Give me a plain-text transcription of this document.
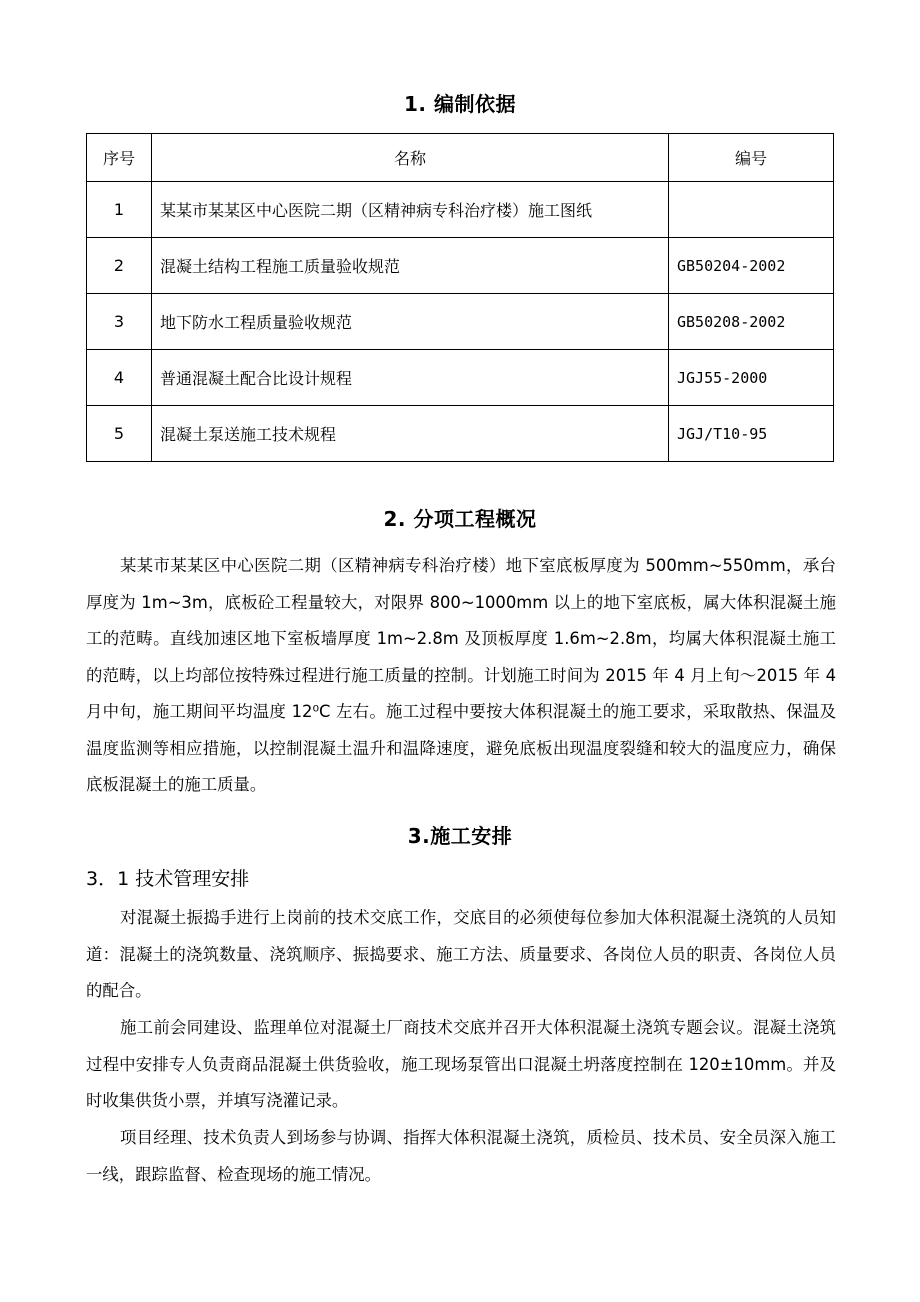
1. 编制依据
序号	名称	编号
1	某某市某某区中心医院二期（区精神病专科治疗楼）施工图纸	
2	混凝土结构工程施工质量验收规范	GB50204-2002
3	地下防水工程质量验收规范	GB50208-2002
4	普通混凝土配合比设计规程	JGJ55-2000
5	混凝土泵送施工技术规程	JGJ/T10-95
2. 分项工程概况

某某市某某区中心医院二期（区精神病专科治疗楼）地下室底板厚度为 500mm~550mm，承台厚度为 1m~3m，底板砼工程量较大，对限界 800~1000mm 以上的地下室底板，属大体积混凝土施工的范畴。直线加速区地下室板墙厚度 1m~2.8m 及顶板厚度 1.6m~2.8m，均属大体积混凝土施工的范畴，以上均部位按特殊过程进行施工质量的控制。计划施工时间为 2015 年 4 月上旬～2015 年 4 月中旬，施工期间平均温度 12⁰C 左右。施工过程中要按大体积混凝土的施工要求，采取散热、保温及温度监测等相应措施，以控制混凝土温升和温降速度，避免底板出现温度裂缝和较大的温度应力，确保底板混凝土的施工质量。

3.施工安排
3．1 技术管理安排

对混凝土振捣手进行上岗前的技术交底工作，交底目的必须使每位参加大体积混凝土浇筑的人员知道：混凝土的浇筑数量、浇筑顺序、振捣要求、施工方法、质量要求、各岗位人员的职责、各岗位人员的配合。

施工前会同建设、监理单位对混凝土厂商技术交底并召开大体积混凝土浇筑专题会议。混凝土浇筑过程中安排专人负责商品混凝土供货验收，施工现场泵管出口混凝土坍落度控制在 120±10mm。并及时收集供货小票，并填写浇灌记录。

项目经理、技术负责人到场参与协调、指挥大体积混凝土浇筑，质检员、技术员、安全员深入施工一线，跟踪监督、检查现场的施工情况。
